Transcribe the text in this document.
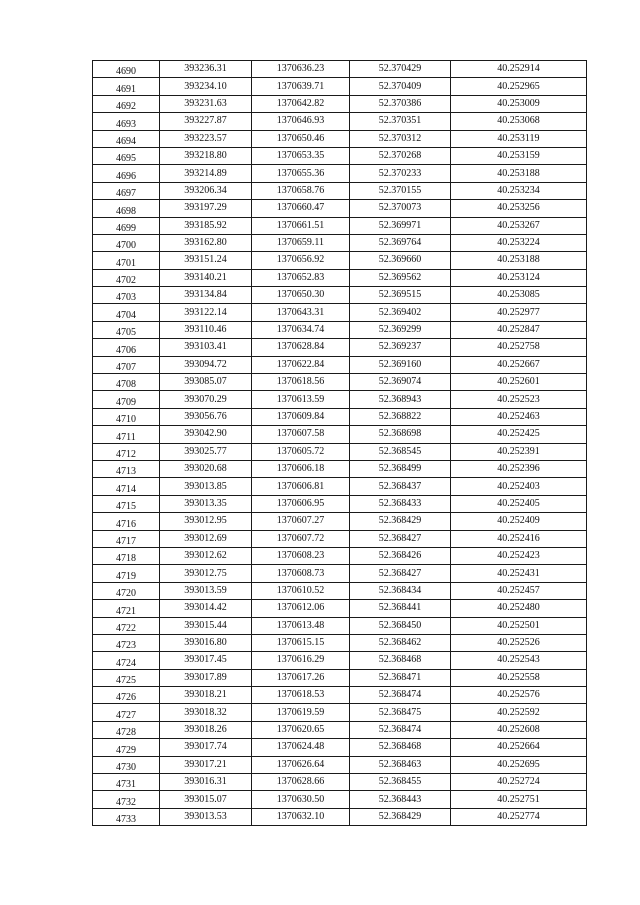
4690	393236.31	1370636.23	52.370429	40.252914
4691	393234.10	1370639.71	52.370409	40.252965
4692	393231.63	1370642.82	52.370386	40.253009
4693	393227.87	1370646.93	52.370351	40.253068
4694	393223.57	1370650.46	52.370312	40.253119
4695	393218.80	1370653.35	52.370268	40.253159
4696	393214.89	1370655.36	52.370233	40.253188
4697	393206.34	1370658.76	52.370155	40.253234
4698	393197.29	1370660.47	52.370073	40.253256
4699	393185.92	1370661.51	52.369971	40.253267
4700	393162.80	1370659.11	52.369764	40.253224
4701	393151.24	1370656.92	52.369660	40.253188
4702	393140.21	1370652.83	52.369562	40.253124
4703	393134.84	1370650.30	52.369515	40.253085
4704	393122.14	1370643.31	52.369402	40.252977
4705	393110.46	1370634.74	52.369299	40.252847
4706	393103.41	1370628.84	52.369237	40.252758
4707	393094.72	1370622.84	52.369160	40.252667
4708	393085.07	1370618.56	52.369074	40.252601
4709	393070.29	1370613.59	52.368943	40.252523
4710	393056.76	1370609.84	52.368822	40.252463
4711	393042.90	1370607.58	52.368698	40.252425
4712	393025.77	1370605.72	52.368545	40.252391
4713	393020.68	1370606.18	52.368499	40.252396
4714	393013.85	1370606.81	52.368437	40.252403
4715	393013.35	1370606.95	52.368433	40.252405
4716	393012.95	1370607.27	52.368429	40.252409
4717	393012.69	1370607.72	52.368427	40.252416
4718	393012.62	1370608.23	52.368426	40.252423
4719	393012.75	1370608.73	52.368427	40.252431
4720	393013.59	1370610.52	52.368434	40.252457
4721	393014.42	1370612.06	52.368441	40.252480
4722	393015.44	1370613.48	52.368450	40.252501
4723	393016.80	1370615.15	52.368462	40.252526
4724	393017.45	1370616.29	52.368468	40.252543
4725	393017.89	1370617.26	52.368471	40.252558
4726	393018.21	1370618.53	52.368474	40.252576
4727	393018.32	1370619.59	52.368475	40.252592
4728	393018.26	1370620.65	52.368474	40.252608
4729	393017.74	1370624.48	52.368468	40.252664
4730	393017.21	1370626.64	52.368463	40.252695
4731	393016.31	1370628.66	52.368455	40.252724
4732	393015.07	1370630.50	52.368443	40.252751
4733	393013.53	1370632.10	52.368429	40.252774
